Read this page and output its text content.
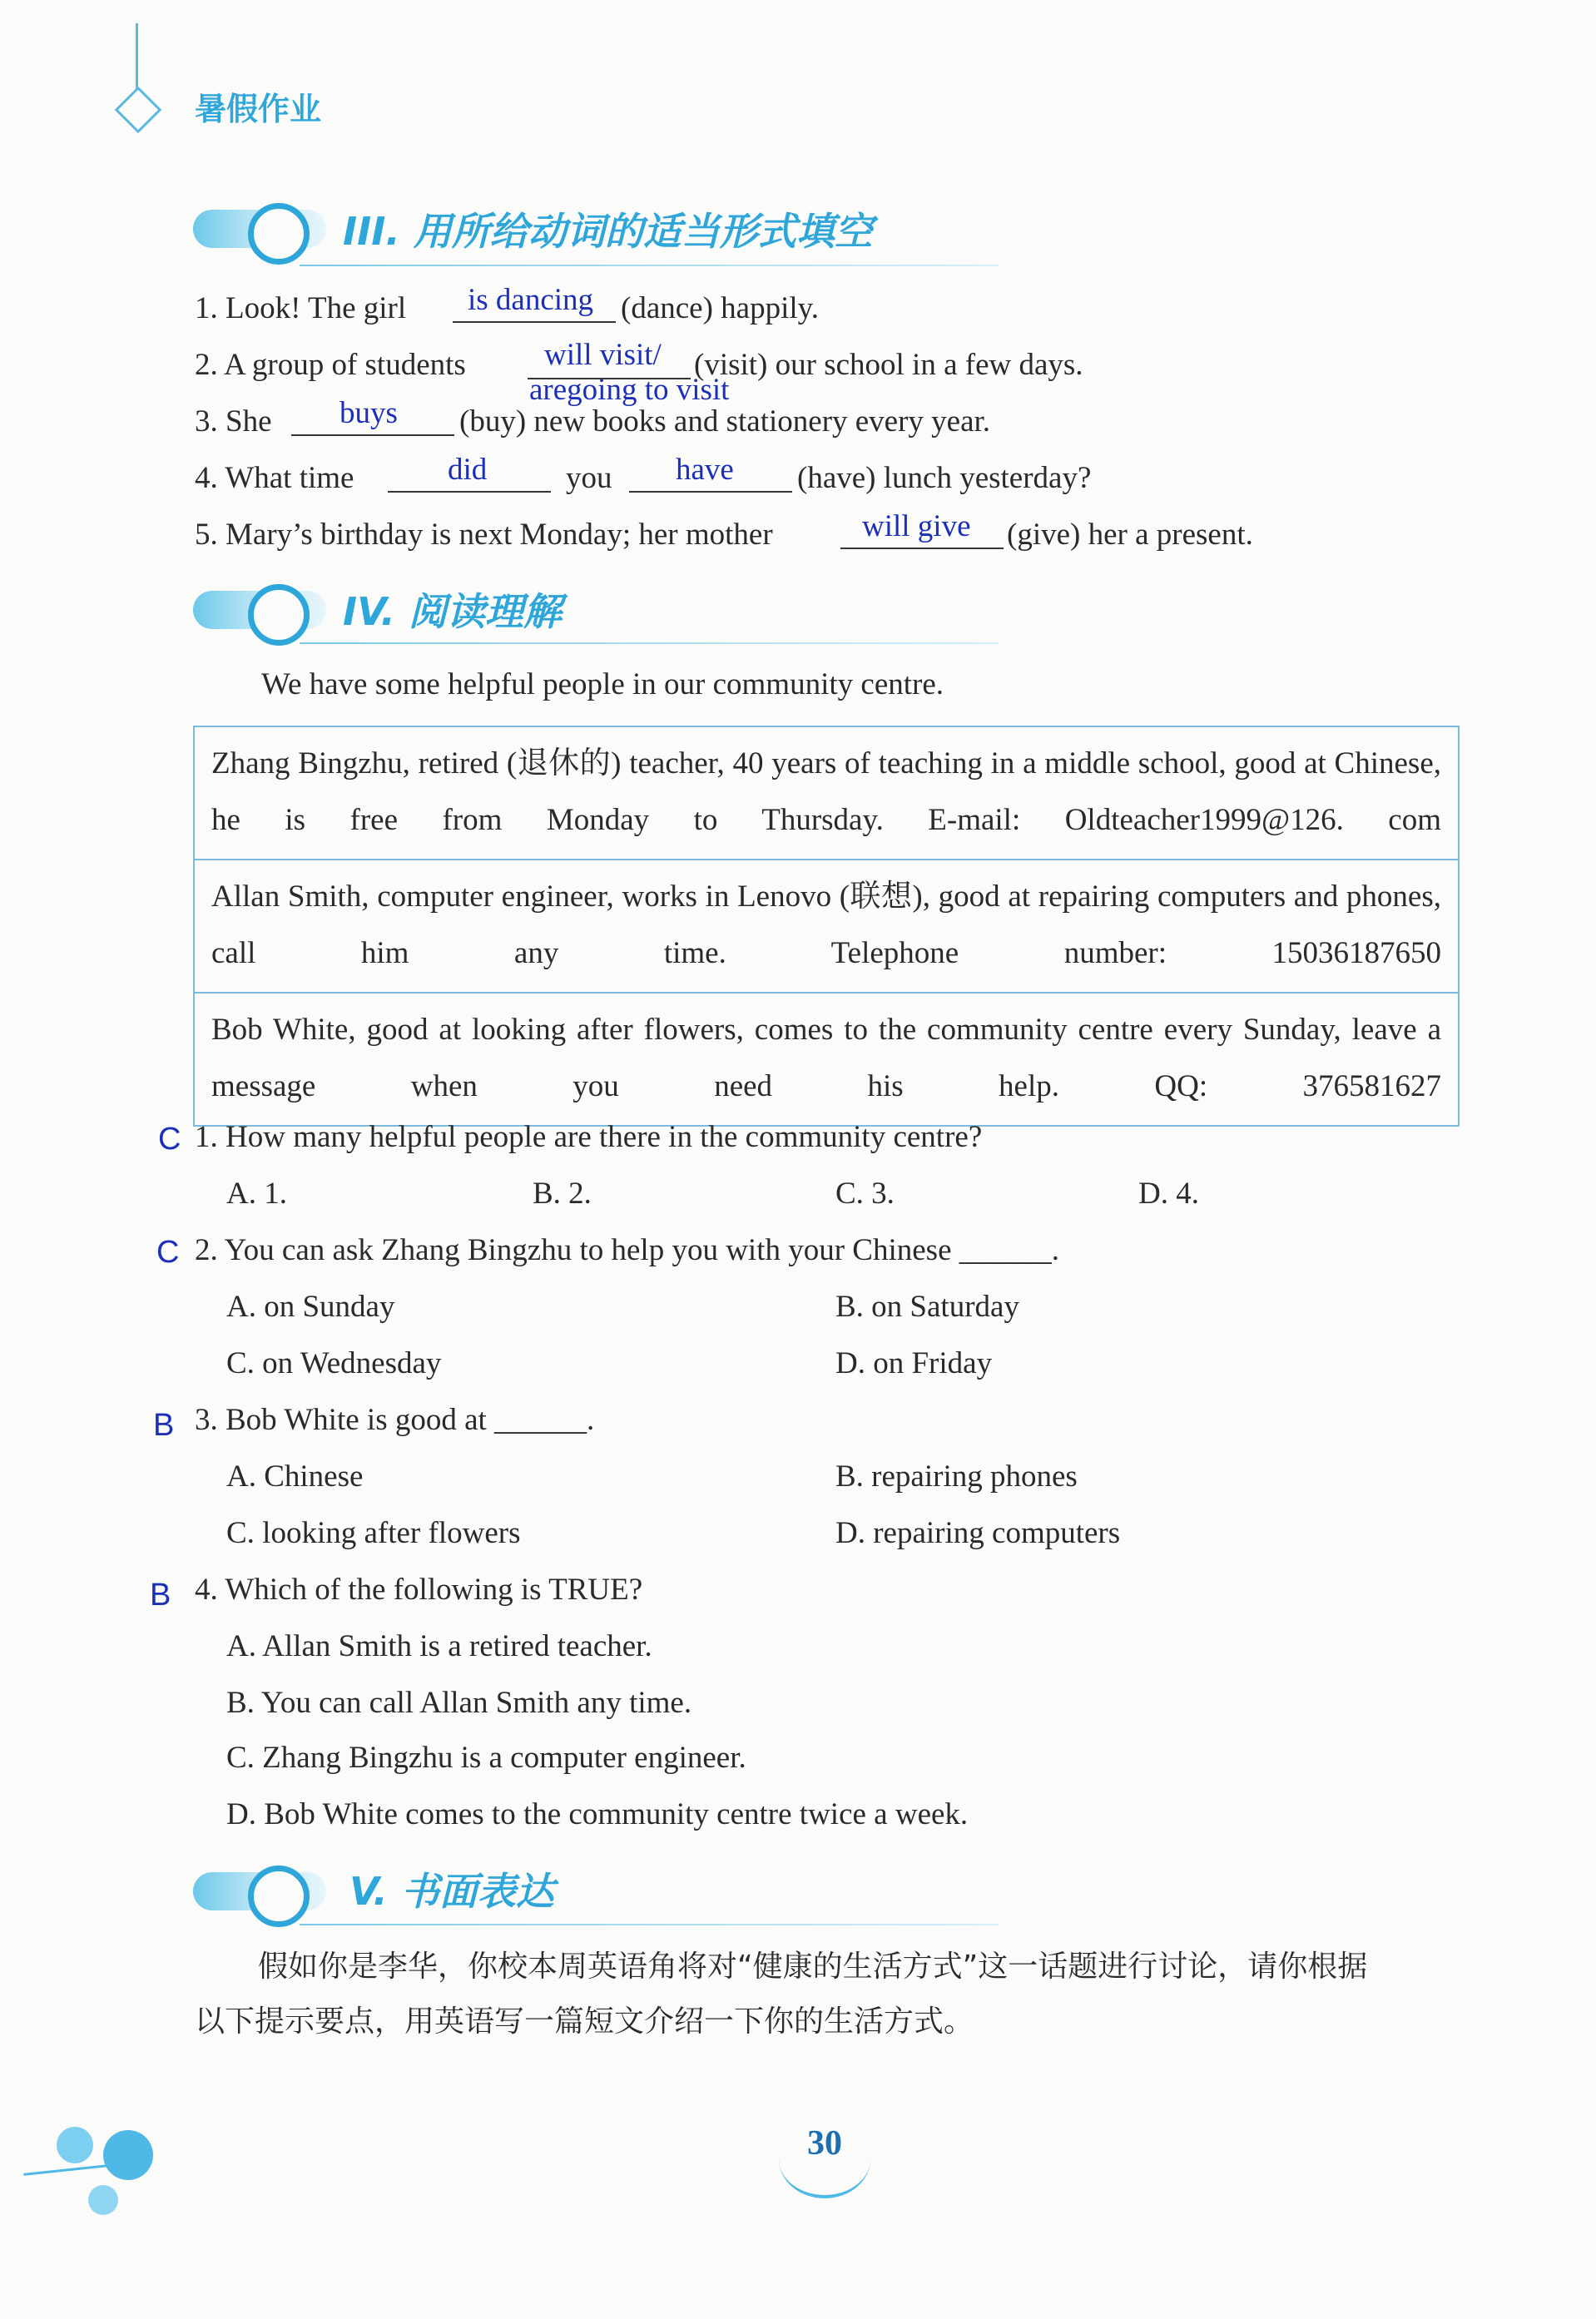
暑假作业
III. 用所给动词的适当形式填空
1. Look! The girl is dancing (dance) happily.
2. A group of students	will visit/
aregoing to visit
(visit) our school in a few days.
3. She buys (buy) new books and stationery every year.
4. What time	did	you have (have) lunch yesterday?
5. Mary’s birthday is next Monday; her mother	will give (give) her a present.
IV. 阅读理解
We have some helpful people in our community centre.
Zhang Bingzhu, retired (退休的) teacher, 40 years of teaching in a middle school, good at Chinese, he is free from Monday to Thursday. E-mail: Oldteacher1999@126. com
Allan Smith, computer engineer, works in Lenovo (联想), good at repairing computers and phones, call him any time. Telephone number: 15036187650
Bob White, good at looking after flowers, comes to the community centre every Sunday, leave a message when you need his help. QQ: 376581627
C 1. How many helpful people are there in the community centre?
A. 1.	B. 2.	C. 3.	D. 4.
C 2. You can ask Zhang Bingzhu to help you with your Chinese ______.
A. on Sunday	B. on Saturday
C. on Wednesday	D. on Friday
B 3. Bob White is good at ______.
A. Chinese	B. repairing phones
C. looking after flowers	D. repairing computers
B 4. Which of the following is TRUE?
A. Allan Smith is a retired teacher.
B. You can call Allan Smith any time.
C. Zhang Bingzhu is a computer engineer.
D. Bob White comes to the community centre twice a week.
V. 书面表达
假如你是李华，你校本周英语角将对“健康的生活方式”这一话题进行讨论，请你根据
以下提示要点，用英语写一篇短文介绍一下你的生活方式。
30
